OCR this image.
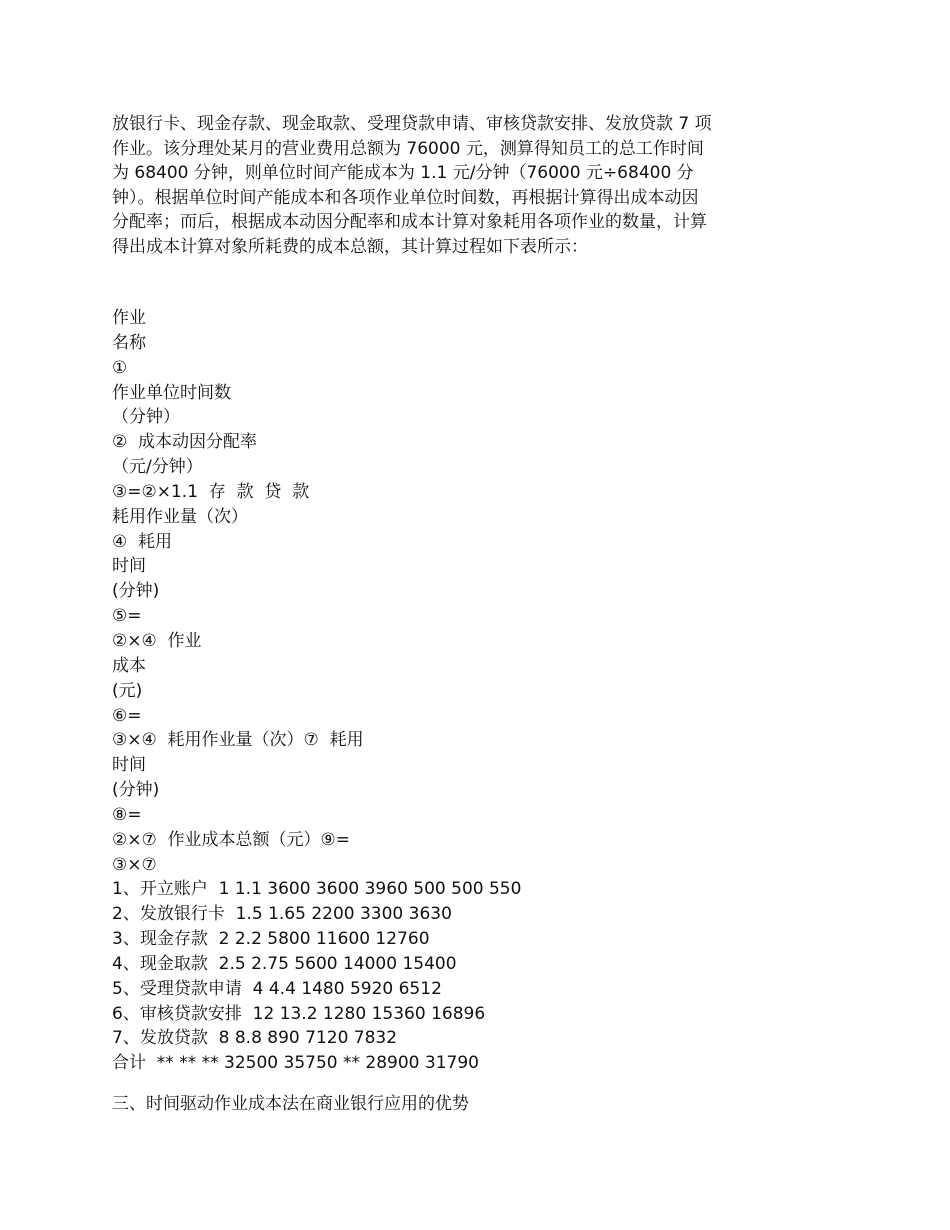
放银行卡、现金存款、现金取款、受理贷款申请、审核贷款安排、发放贷款 7 项
作业。该分理处某月的营业费用总额为 76000 元，测算得知员工的总工作时间
为 68400 分钟，则单位时间产能成本为 1.1 元/分钟（76000 元÷68400 分
钟）。根据单位时间产能成本和各项作业单位时间数，再根据计算得出成本动因
分配率；而后，根据成本动因分配率和成本计算对象耗用各项作业的数量，计算
得出成本计算对象所耗费的成本总额，其计算过程如下表所示：
作业
名称
①
作业单位时间数
（分钟）
②  成本动因分配率
（元/分钟）
③=②×1.1  存  款  贷  款
耗用作业量（次）
④  耗用
时间
(分钟)
⑤=
②×④  作业
成本
(元)
⑥=
③×④  耗用作业量（次）⑦  耗用
时间
(分钟)
⑧=
②×⑦  作业成本总额（元）⑨=
③×⑦
1、开立账户  1 1.1 3600 3600 3960 500 500 550
2、发放银行卡  1.5 1.65 2200 3300 3630
3、现金存款  2 2.2 5800 11600 12760
4、现金取款  2.5 2.75 5600 14000 15400
5、受理贷款申请  4 4.4 1480 5920 6512
6、审核贷款安排  12 13.2 1280 15360 16896
7、发放贷款  8 8.8 890 7120 7832
合计  ** ** ** 32500 35750 ** 28900 31790
三、时间驱动作业成本法在商业银行应用的优势
